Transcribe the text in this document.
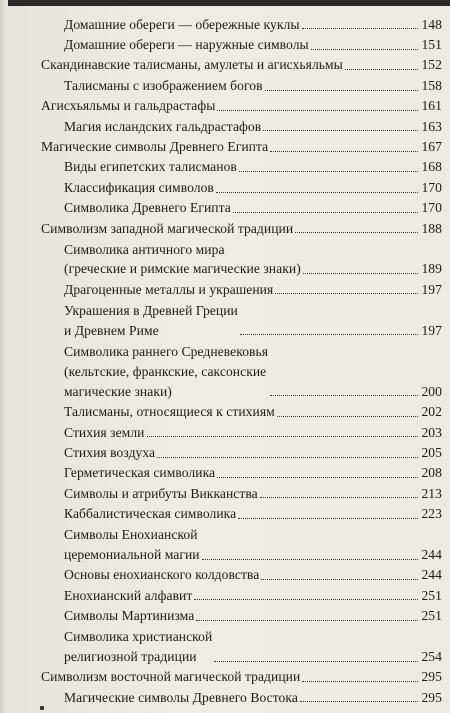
Домашние обереги — обережные куклы	148
Домашние обереги — наружные символы	151
Скандинавские талисманы, амулеты и агисхьяльмы	152
Талисманы с изображением богов	158
Агисхьяльмы и гальдрастафы	161
Магия исландских гальдрастафов	163
Магические символы Древнего Египта	167
Виды египетских талисманов	168
Классификация символов	170
Символика Древнего Египта	170
Символизм западной магической традиции	188
Символика античного мира
(греческие и римские магические знаки)	189
Драгоценные металлы и украшения	197
Украшения в Древней Греции
и Древнем Риме	197
Символика раннего Средневековья
(кельтские, франкские, саксонские
магические знаки)	200
Талисманы, относящиеся к стихиям	202
Стихия земли	203
Стихия воздуха	205
Герметическая символика	208
Символы и атрибуты Викканства	213
Каббалистическая символика	223
Символы Енохианской
церемониальной магии	244
Основы енохианского колдовства	244
Енохианский алфавит	251
Символы Мартинизма	251
Символика христианской
религиозной традиции	254
Символизм восточной магической традиции	295
Магические символы Древнего Востока	295
